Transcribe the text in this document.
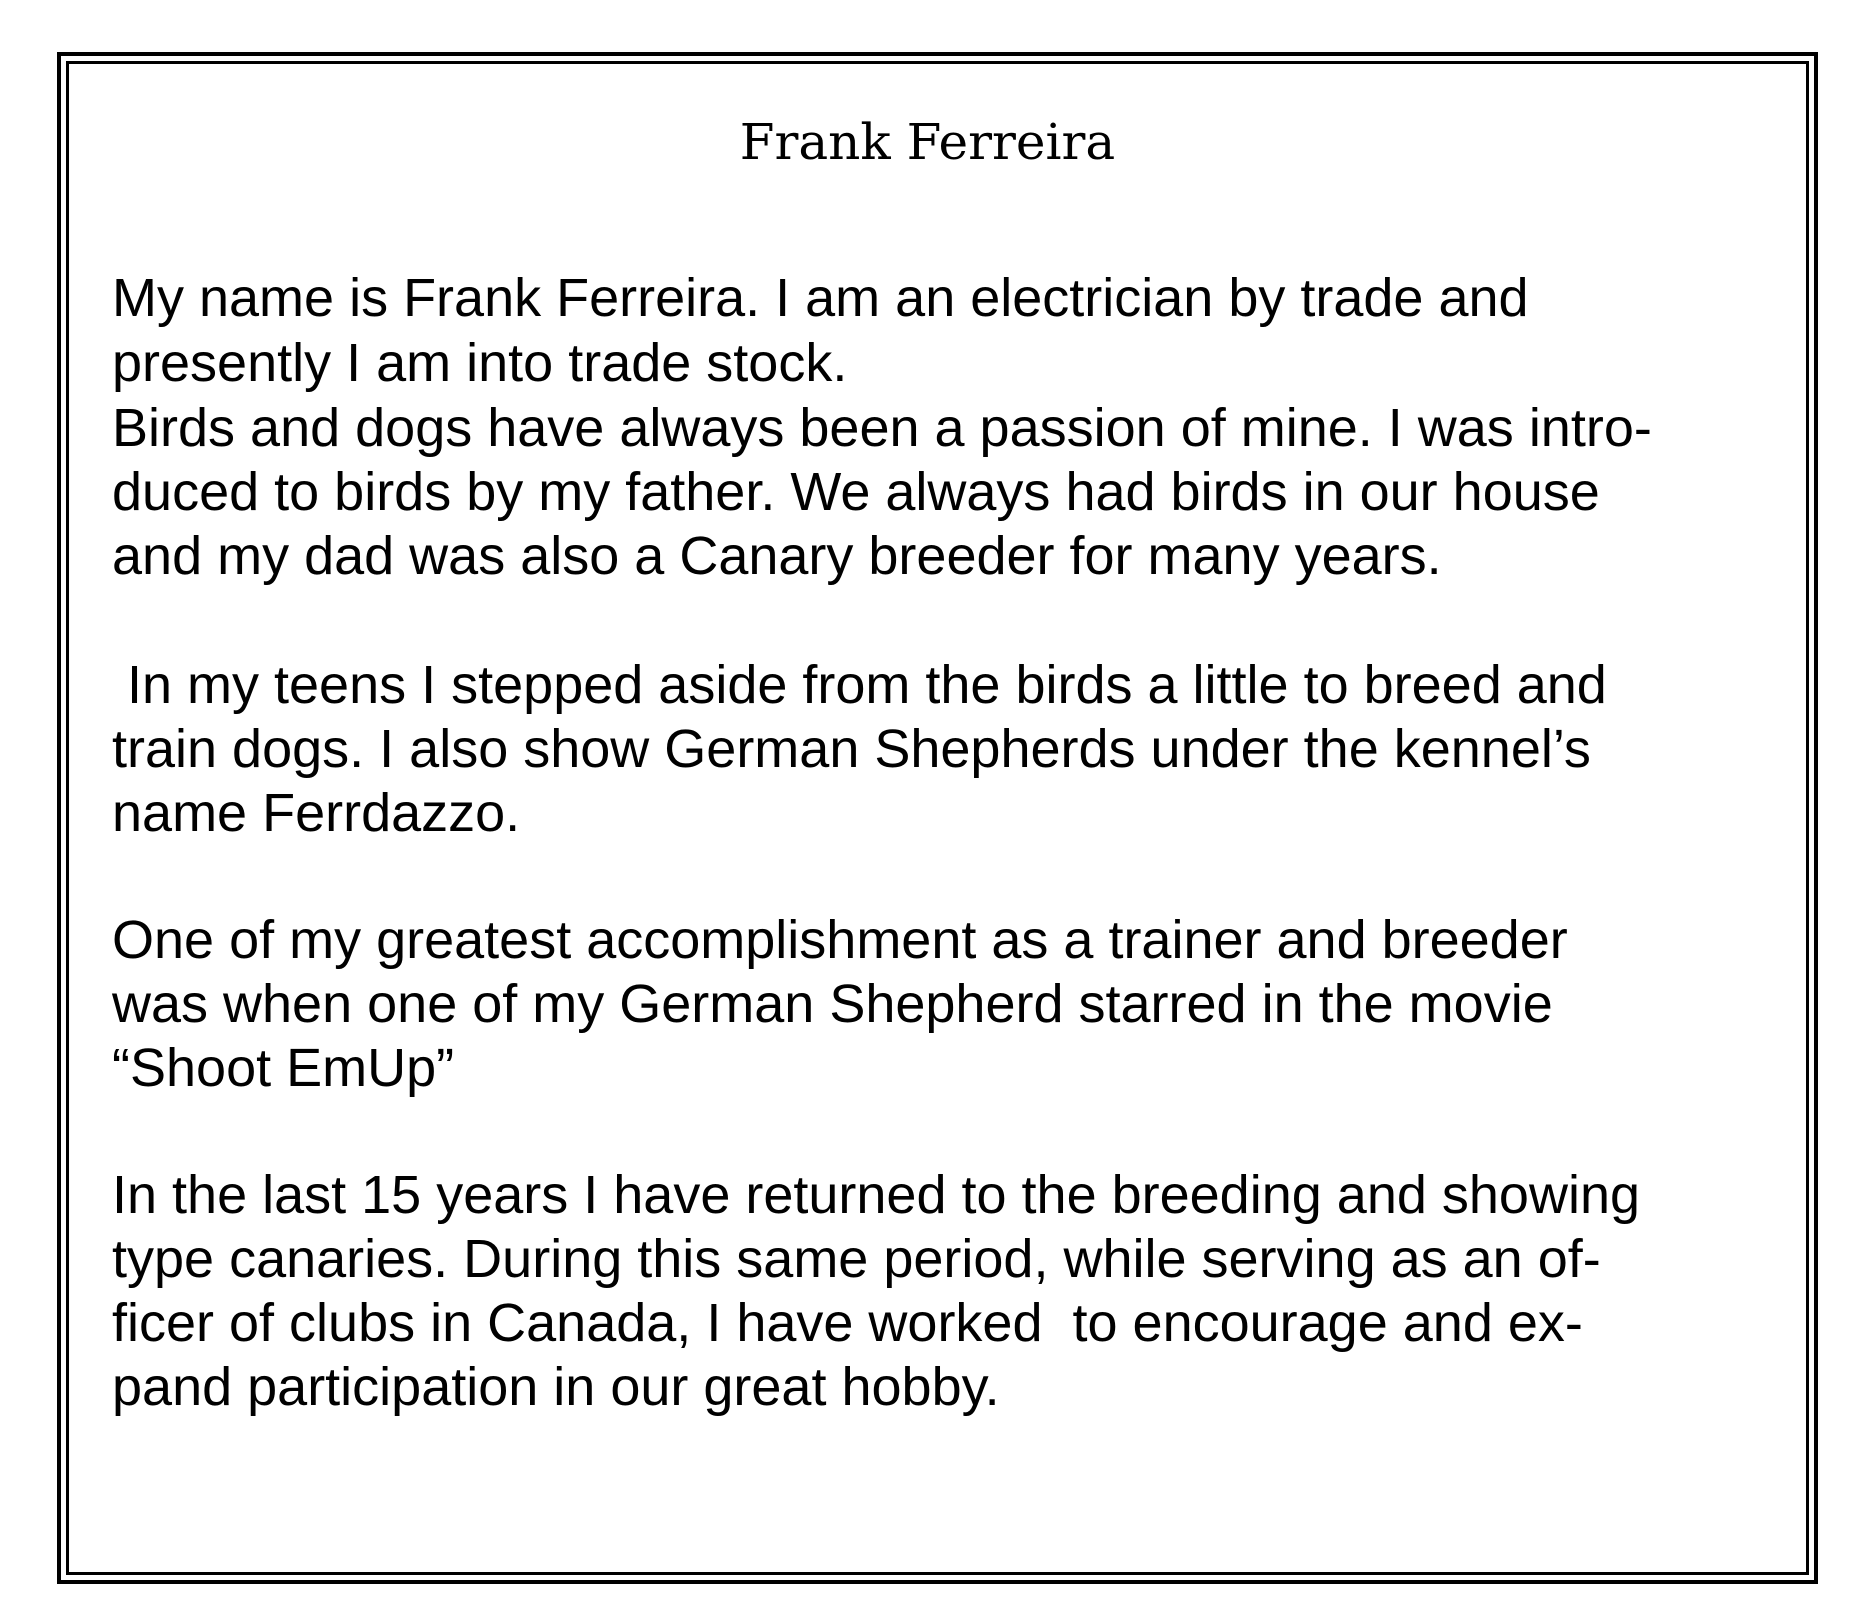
Frank Ferreira

My name is Frank Ferreira. I am an electrician by trade and

presently I am into trade stock.

Birds and dogs have always been a passion of mine. I was intro-

duced to birds by my father. We always had birds in our house

and my dad was also a Canary breeder for many years.

In my teens I stepped aside from the birds a little to breed and

train dogs. I also show German Shepherds under the kennel’s

name Ferrdazzo.

One of my greatest accomplishment as a trainer and breeder

was when one of my German Shepherd starred in the movie

“Shoot EmUp”

In the last 15 years I have returned to the breeding and showing

type canaries. During this same period, while serving as an of-

ficer of clubs in Canada, I have worked  to encourage and ex-

pand participation in our great hobby.
